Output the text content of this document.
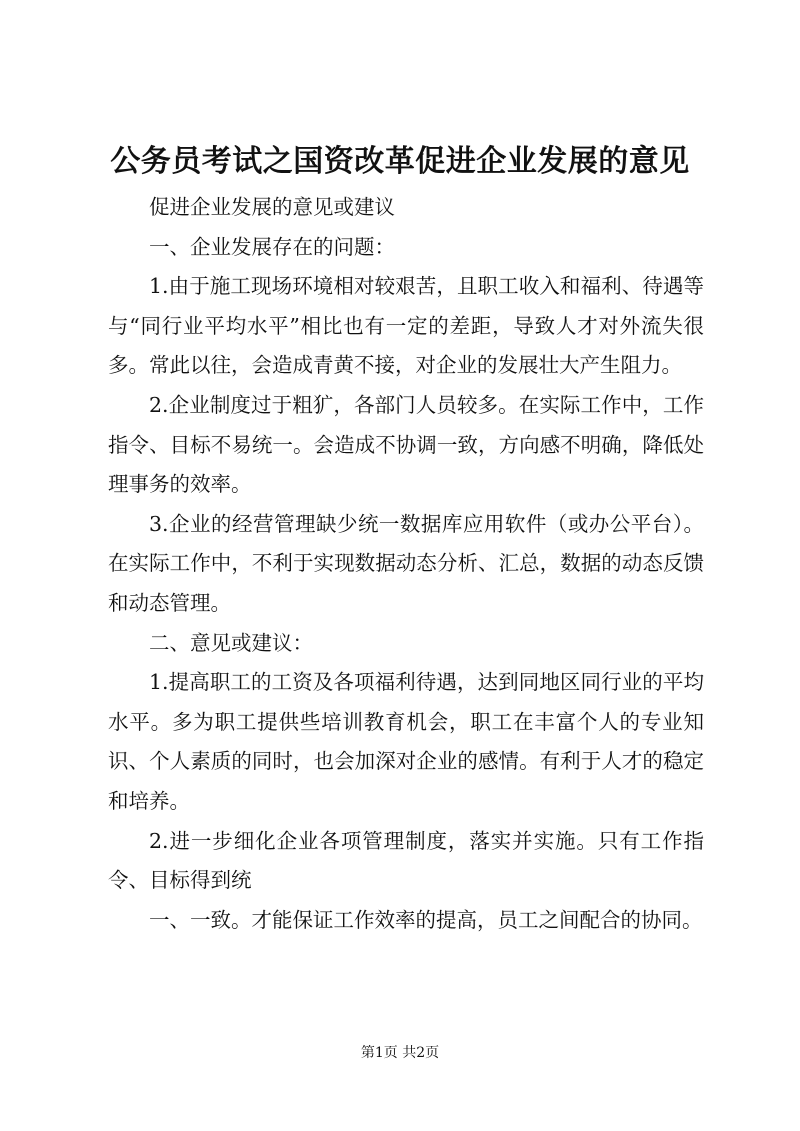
公务员考试之国资改革促进企业发展的意见

促进企业发展的意见或建议

一、企业发展存在的问题：

1.由于施工现场环境相对较艰苦，且职工收入和福利、待遇等与“同行业平均水平”相比也有一定的差距，导致人才对外流失很多。常此以往，会造成青黄不接，对企业的发展壮大产生阻力。

2.企业制度过于粗犷，各部门人员较多。在实际工作中，工作指令、目标不易统一。会造成不协调一致，方向感不明确，降低处理事务的效率。

3.企业的经营管理缺少统一数据库应用软件（或办公平台）。在实际工作中，不利于实现数据动态分析、汇总，数据的动态反馈和动态管理。

二、意见或建议：

1.提高职工的工资及各项福利待遇，达到同地区同行业的平均水平。多为职工提供些培训教育机会，职工在丰富个人的专业知识、个人素质的同时，也会加深对企业的感情。有利于人才的稳定和培养。

2.进一步细化企业各项管理制度，落实并实施。只有工作指令、目标得到统

一、一致。才能保证工作效率的提高，员工之间配合的协同。

第1页 共2页
